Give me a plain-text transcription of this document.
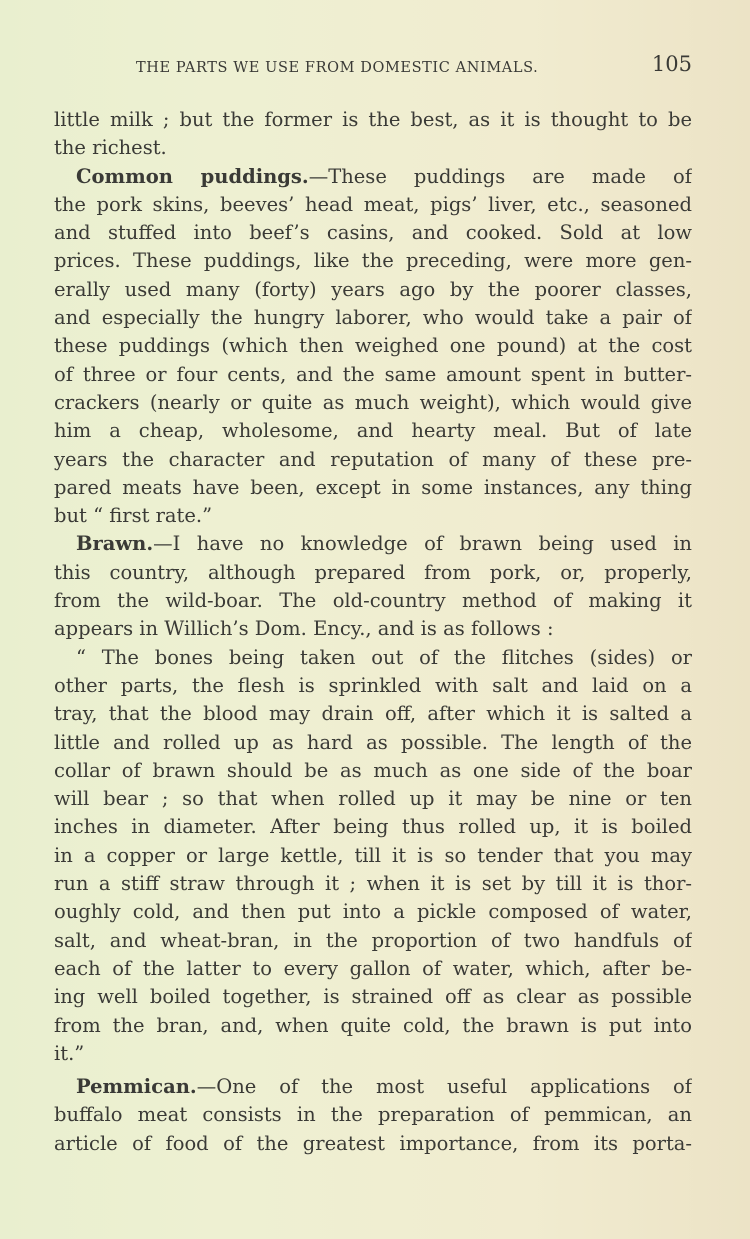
THE PARTS WE USE FROM DOMESTIC ANIMALS.	105
little milk ; but the former is the best, as it is thought to be
the richest.
Common puddings.—These puddings are made of
the pork skins, beeves’ head meat, pigs’ liver, etc., seasoned
and stuffed into beef’s casins, and cooked. Sold at low
prices. These puddings, like the preceding, were more gen-
erally used many (forty) years ago by the poorer classes,
and especially the hungry laborer, who would take a pair of
these puddings (which then weighed one pound) at the cost
of three or four cents, and the same amount spent in butter-
crackers (nearly or quite as much weight), which would give
him a cheap, wholesome, and hearty meal. But of late
years the character and reputation of many of these pre-
pared meats have been, except in some instances, any thing
but “ first rate.”
Brawn.—I have no knowledge of brawn being used in
this country, although prepared from pork, or, properly,
from the wild-boar. The old-country method of making it
appears in Willich’s Dom. Ency., and is as follows :
“ The bones being taken out of the flitches (sides) or
other parts, the flesh is sprinkled with salt and laid on a
tray, that the blood may drain off, after which it is salted a
little and rolled up as hard as possible. The length of the
collar of brawn should be as much as one side of the boar
will bear ; so that when rolled up it may be nine or ten
inches in diameter. After being thus rolled up, it is boiled
in a copper or large kettle, till it is so tender that you may
run a stiff straw through it ; when it is set by till it is thor-
oughly cold, and then put into a pickle composed of water,
salt, and wheat-bran, in the proportion of two handfuls of
each of the latter to every gallon of water, which, after be-
ing well boiled together, is strained off as clear as possible
from the bran, and, when quite cold, the brawn is put into
it.”
Pemmican.—One of the most useful applications of
buffalo meat consists in the preparation of pemmican, an
article of food of the greatest importance, from its porta-
